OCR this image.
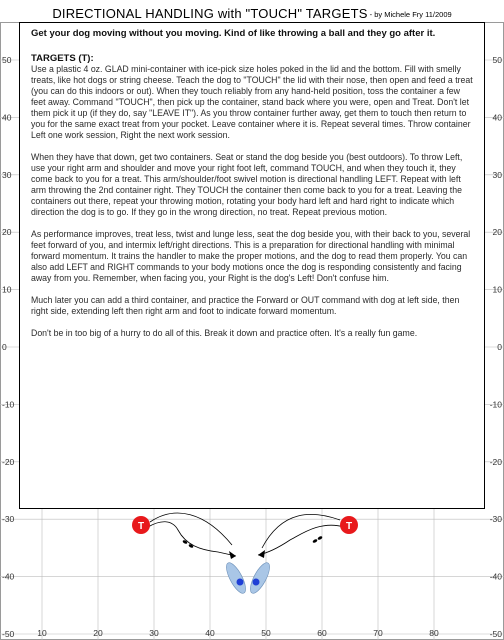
50
40
30
20
10
0
-10
-20
-30
-40
-50
50
40
30
20
10
0
-10
-20
-30
-40
-50
10	20	30	40	50	60	70	80
T	T
$_{DIRECTIONAL HANDLING with "TOUCH" TARGETS}$ $_{- by Michele Fry 11/2009}$

Get your dog moving without you moving. Kind of like throwing a ball and they go after it.

TARGETS (T):

Use a plastic 4 oz. GLAD mini-container with ice-pick size holes poked in the lid and the bottom. Fill with smelly treats, like hot dogs or string cheese. Teach the dog to "TOUCH" the lid with their nose, then open and feed a treat (you can do this indoors or out). When they touch reliably from any hand-held position, toss the container a few feet away. Command "TOUCH", then pick up the container, stand back where you were, open and Treat. Don't let them pick it up (if they do, say "LEAVE IT"). As you throw container further away, get them to touch then return to you for the same exact treat from your pocket. Leave container where it is. Repeat several times. Throw container Left one work session, Right the next work session.

When they have that down, get two containers. Seat or stand the dog beside you (best outdoors). To throw Left, use your right arm and shoulder and move your right foot left, command TOUCH, and when they touch it, they come back to you for a treat. This arm/shoulder/foot swivel motion is directional handling LEFT. Repeat with left arm throwing the 2nd container right. They TOUCH the container then come back to you for a treat. Leaving the containers out there, repeat your throwing motion, rotating your body hard left and hard right to indicate which direction the dog is to go. If they go in the wrong direction, no treat. Repeat previous motion.

As performance improves, treat less, twist and lunge less, seat the dog beside you, with their back to you, several feet forward of you, and intermix left/right directions. This is a preparation for directional handling with minimal forward momentum. It trains the handler to make the proper motions, and the dog to read them properly. You can also add LEFT and RIGHT commands to your body motions once the dog is responding consistently and facing away from you. Remember, when facing you, your Right is the dog's Left! Don't confuse him.

Much later you can add a third container, and practice the Forward or OUT command with dog at left side, then right side, extending left then right arm and foot to indicate forward momentum.

Don't be in too big of a hurry to do all of this. Break it down and practice often. It's a really fun game.
